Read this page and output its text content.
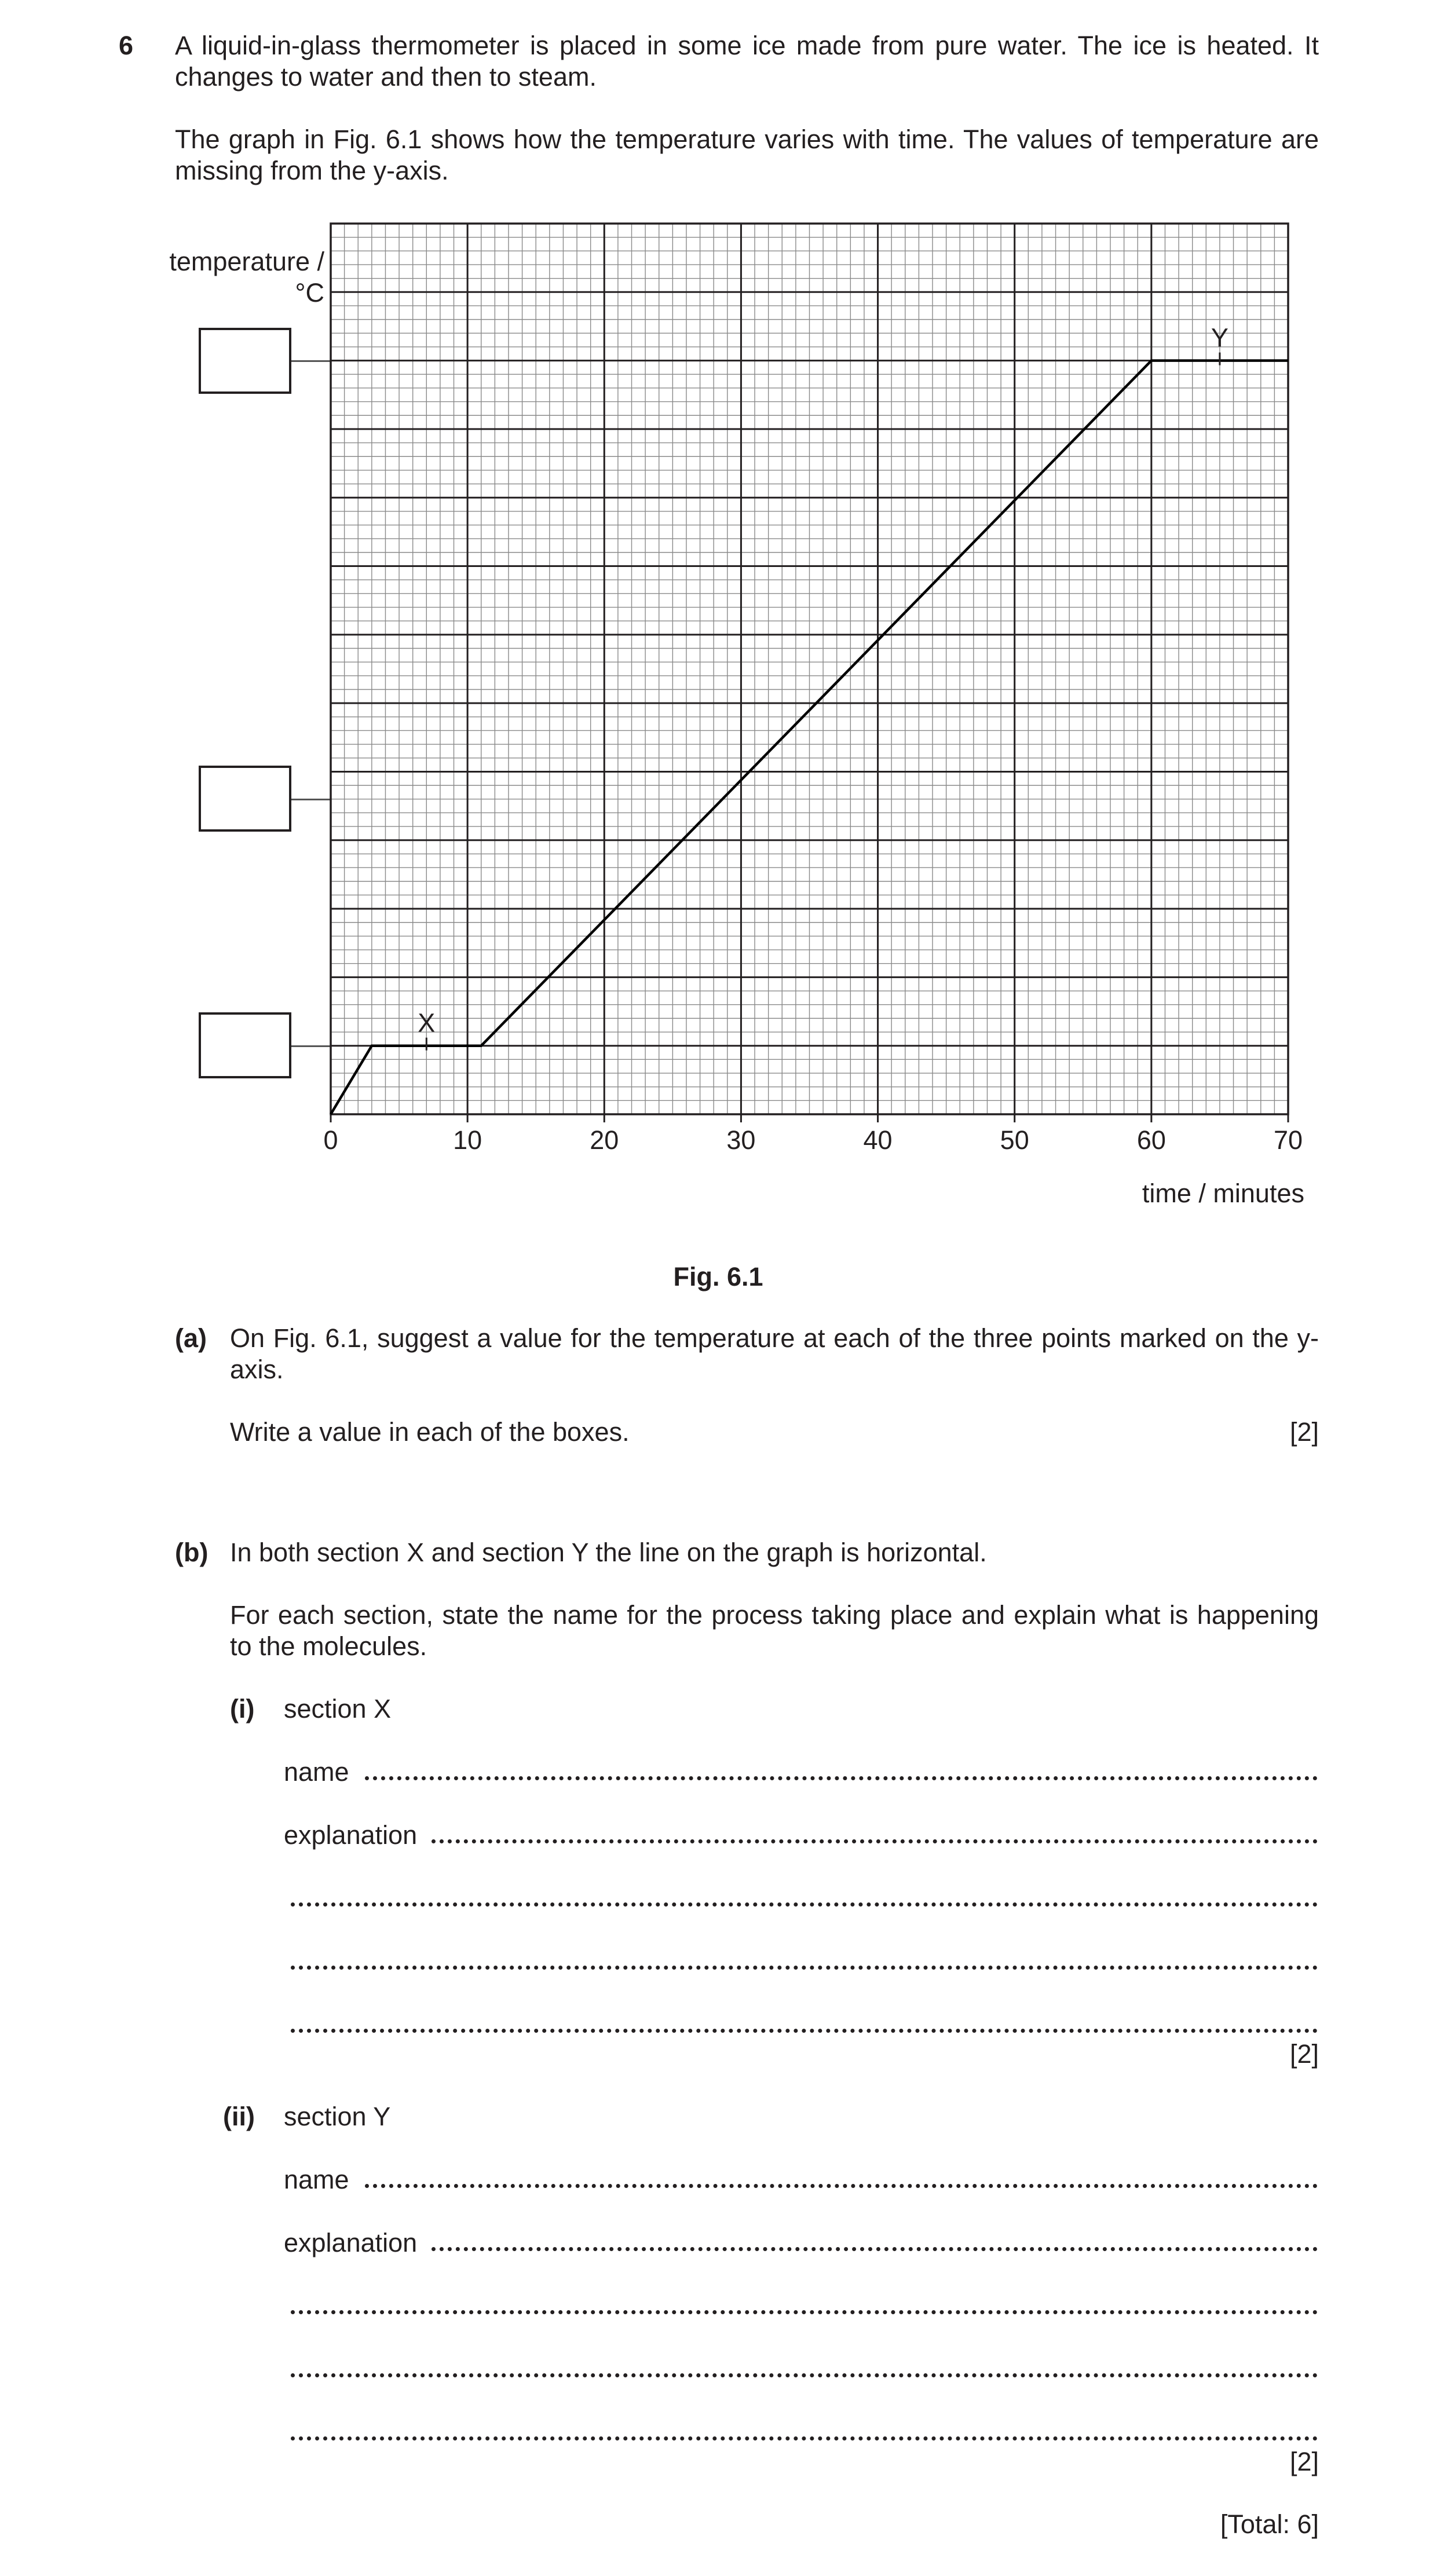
6 A liquid-in-glass thermometer is placed in some ice made from pure water. The ice is heated. It changes to water and then to steam.
The graph in Fig. 6.1 shows how the temperature varies with time. The values of temperature are missing from the y-axis.
temperature / °C
0	10	20	30	40	50	60	70
X
Y
time / minutes
Fig. 6.1
(a) On Fig. 6.1, suggest a value for the temperature at each of the three points marked on the y-axis.
Write a value in each of the boxes.	[2]
(b) In both section X and section Y the line on the graph is horizontal.
For each section, state the name for the process taking place and explain what is happening to the molecules.
(i) section X
name
explanation
[2]
(ii) section Y
name
explanation
[2]
[Total: 6]
